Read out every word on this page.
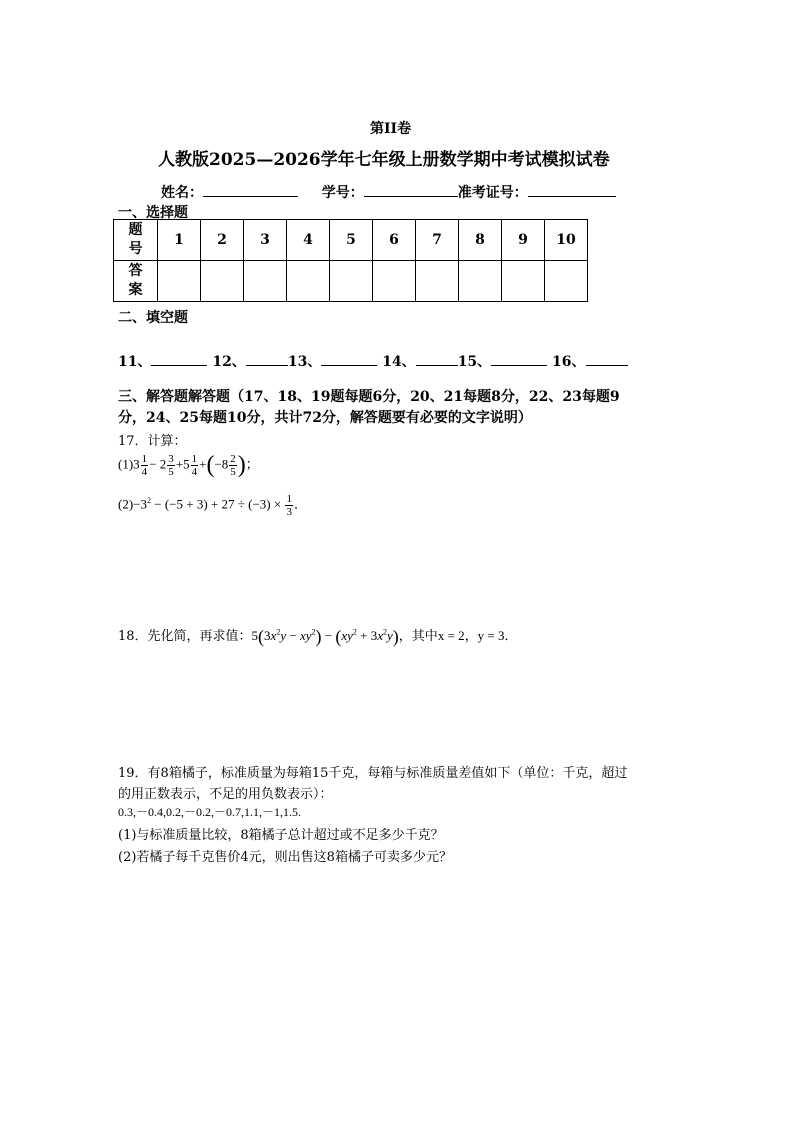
第II卷
人教版2025—2026学年七年级上册数学期中考试模拟试卷
姓名：	学号：	准考证号：
一、选择题
题
号	1	2	3	4	5	6	7	8	9	10
答
案										
二、填空题
11、	12、	13、	14、	15、	16、
三、解答题解答题（17、18、19题每题6分，20、21每题8分，22、23每题9
分，24、25每题10分，共计72分，解答题要有必要的文字说明）
17．计算：
$(1)3 \frac{1}{4} - 2 \frac{3}{5} +5 \frac{1}{4} +(-8 \frac{2}{5}$ )；
$(2)-3^2 - (-5 + 3) + 27 \div (-3) \times \frac{1}{3}$ ．
18．先化简，再求值：$5(3x^2y - xy^2) - (xy^2 + 3x^2y)$，其中x = 2，y = 3．
19．有8箱橘子，标准质量为每箱15千克，每箱与标准质量差值如下（单位：千克，超过
的用正数表示，不足的用负数表示）：
0.3,－0.4,0.2,－0.2,－0.7,1.1,－1,1.5.
(1)与标准质量比较，8箱橘子总计超过或不足多少千克？
(2)若橘子每千克售价4元，则出售这8箱橘子可卖多少元？
